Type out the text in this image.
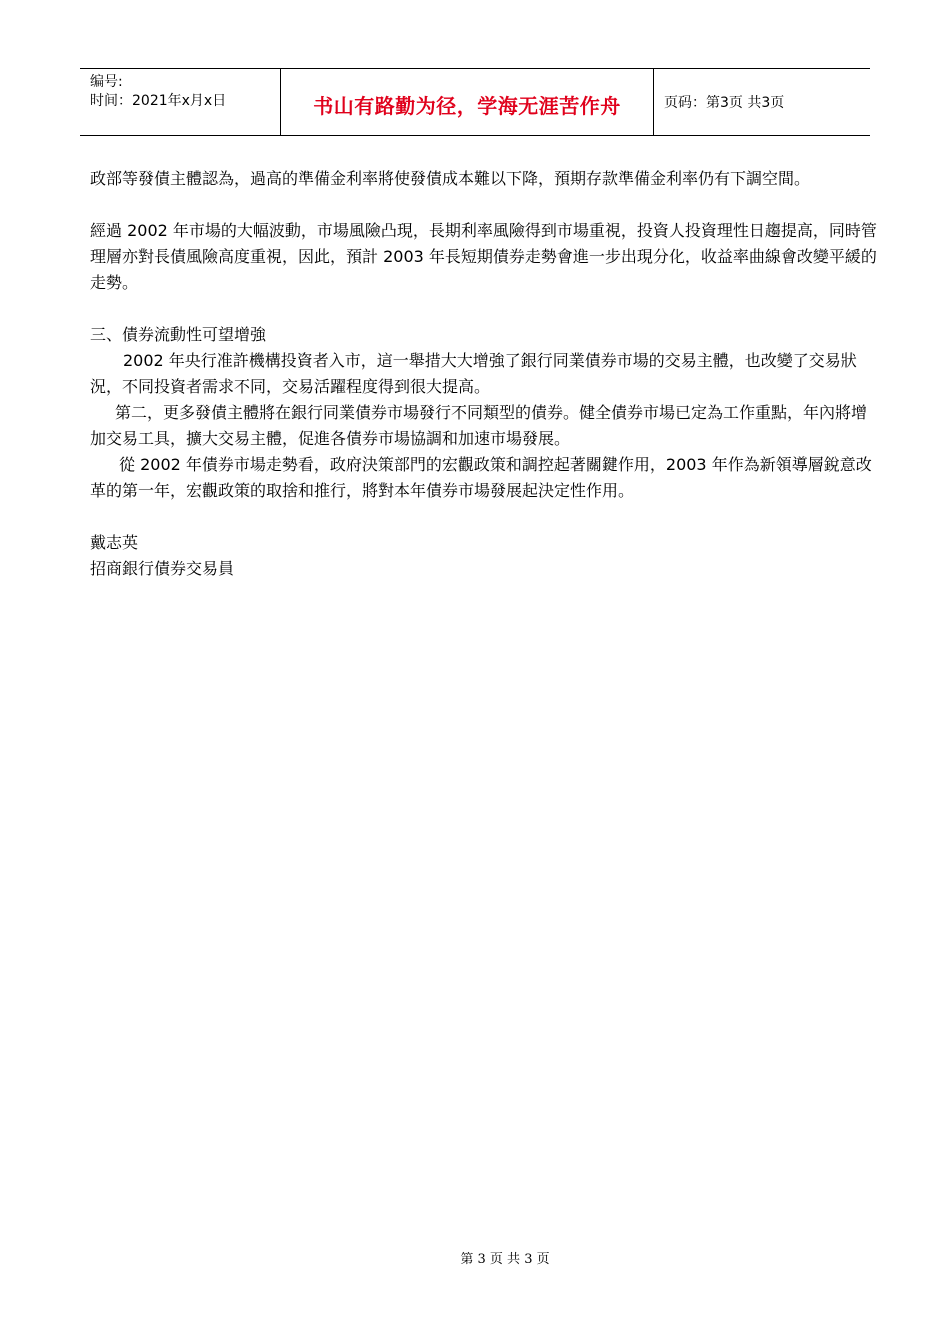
编号:
时间：2021年x月x日	书山有路勤为径，学海无涯苦作舟	页码：第3页 共3页

政部等發債主體認為，過高的準備金利率將使發債成本難以下降，預期存款準備金利率仍有下調空間。

經過 2002 年市場的大幅波動，市場風險凸現，長期利率風險得到市場重視，投資人投資理性日趨提高，同時管理層亦對長債風險高度重視，因此，預計 2003 年長短期債券走勢會進一步出現分化，收益率曲線會改變平緩的走勢。

三、債券流動性可望增強

2002 年央行准許機構投資者入市，這一舉措大大增強了銀行同業債券市場的交易主體，也改變了交易狀況，不同投資者需求不同，交易活躍程度得到很大提高。

第二，更多發債主體將在銀行同業債券市場發行不同類型的債券。健全債券市場已定為工作重點，年內將增加交易工具，擴大交易主體，促進各債券市場協調和加速市場發展。

從 2002 年債券市場走勢看，政府決策部門的宏觀政策和調控起著關鍵作用，2003 年作為新領導層銳意改革的第一年，宏觀政策的取捨和推行，將對本年債券市場發展起決定性作用。

戴志英

招商銀行債券交易員

第 3 页 共 3 页
